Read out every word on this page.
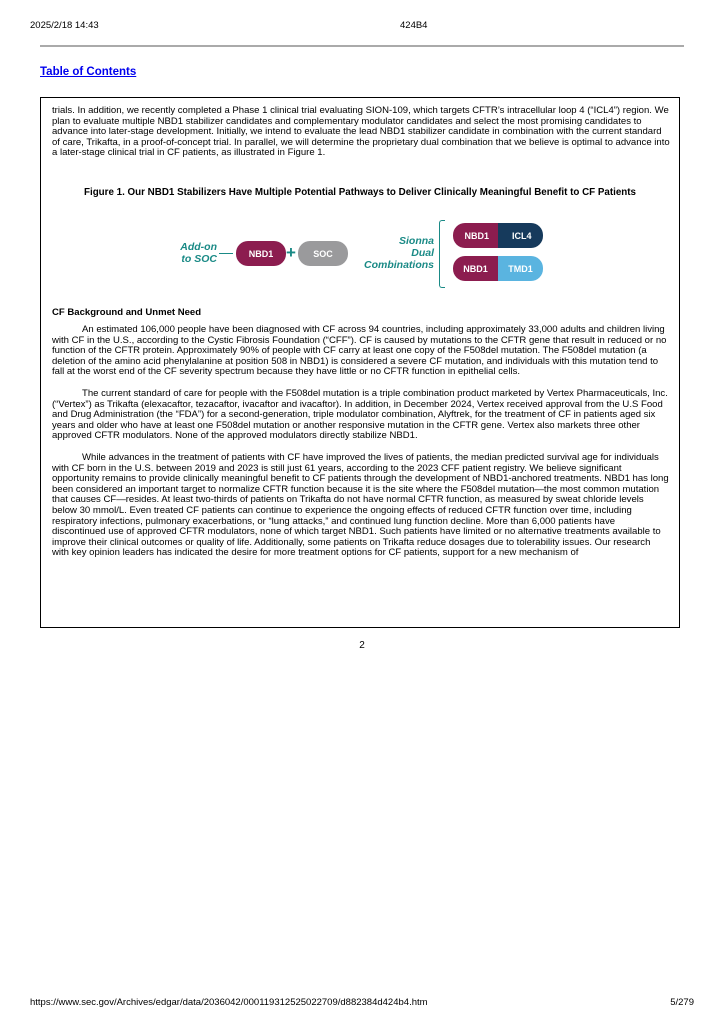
2025/2/18 14:43	424B4
Table of Contents

trials. In addition, we recently completed a Phase 1 clinical trial evaluating SION-109, which targets CFTR’s intracellular loop 4 (“ICL4”) region. We plan to evaluate multiple NBD1 stabilizer candidates and complementary modulator candidates and select the most promising candidates to advance into later-stage development. Initially, we intend to evaluate the lead NBD1 stabilizer candidate in combination with the current standard of care, Trikafta, in a proof-of-concept trial. In parallel, we will determine the proprietary dual combination that we believe is optimal to advance into a later-stage clinical trial in CF patients, as illustrated in Figure 1.

Figure 1. Our NBD1 Stabilizers Have Multiple Potential Pathways to Deliver Clinically Meaningful Benefit to CF Patients
Add-on
to SOC	NBD1 +	SOC
Sionna
Dual
Combinations
NBD1	ICL4
NBD1 TMD1
CF Background and Unmet Need

An estimated 106,000 people have been diagnosed with CF across 94 countries, including approximately 33,000 adults and children living with CF in the U.S., according to the Cystic Fibrosis Foundation (“CFF”). CF is caused by mutations to the CFTR gene that result in reduced or no function of the CFTR protein. Approximately 90% of people with CF carry at least one copy of the F508del mutation. The F508del mutation (a deletion of the amino acid phenylalanine at position 508 in NBD1) is considered a severe CF mutation, and individuals with this mutation tend to fall at the worst end of the CF severity spectrum because they have little or no CFTR function in epithelial cells.

The current standard of care for people with the F508del mutation is a triple combination product marketed by Vertex Pharmaceuticals, Inc. (“Vertex”) as Trikafta (elexacaftor, tezacaftor, ivacaftor and ivacaftor). In addition, in December 2024, Vertex received approval from the U.S Food and Drug Administration (the “FDA”) for a second-generation, triple modulator combination, Alyftrek, for the treatment of CF in patients aged six years and older who have at least one F508del mutation or another responsive mutation in the CFTR gene. Vertex also markets three other approved CFTR modulators. None of the approved modulators directly stabilize NBD1.

While advances in the treatment of patients with CF have improved the lives of patients, the median predicted survival age for individuals with CF born in the U.S. between 2019 and 2023 is still just 61 years, according to the 2023 CFF patient registry. We believe significant opportunity remains to provide clinically meaningful benefit to CF patients through the development of NBD1-anchored treatments. NBD1 has long been considered an important target to normalize CFTR function because it is the site where the F508del mutation—the most common mutation that causes CF—resides. At least two-thirds of patients on Trikafta do not have normal CFTR function, as measured by sweat chloride levels below 30 mmol/L. Even treated CF patients can continue to experience the ongoing effects of reduced CFTR function over time, including respiratory infections, pulmonary exacerbations, or “lung attacks,” and continued lung function decline. More than 6,000 patients have discontinued use of approved CFTR modulators, none of which target NBD1. Such patients have limited or no alternative treatments available to improve their clinical outcomes or quality of life. Additionally, some patients on Trikafta reduce dosages due to tolerability issues. Our research with key opinion leaders has indicated the desire for more treatment options for CF patients, support for a new mechanism of

2
https://www.sec.gov/Archives/edgar/data/2036042/000119312525022709/d882384d424b4.htm	5/279
